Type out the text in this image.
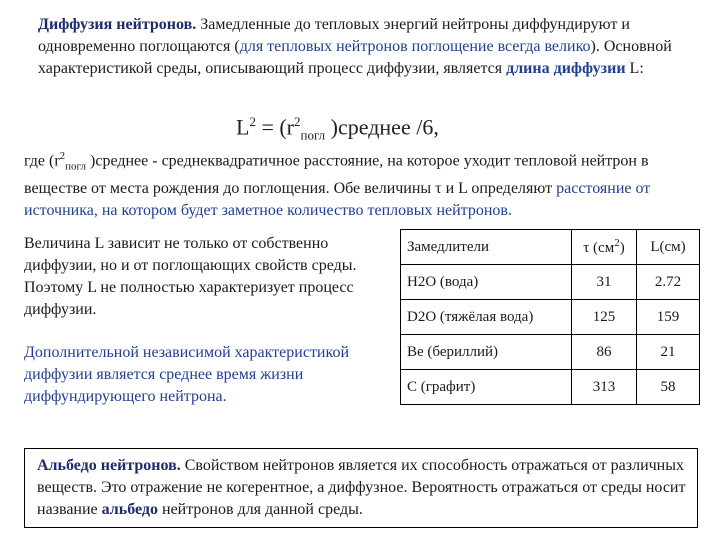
Диффузия нейтронов. Замедленные до тепловых энергий нейтроны диффундируют и одновременно поглощаются (для тепловых нейтронов поглощение всегда велико). Основной характеристикой среды, описывающий процесс диффузии, является длина диффузии L:
$L^2 = (r^2_{погл}$ )среднее /6,
где ($r^2_{погл}$ )среднее - среднеквадратичное расстояние, на которое уходит тепловой нейтрон в веществе от места рождения до поглощения. Обе величины τ и L определяют расстояние от источника, на котором будет заметное количество тепловых нейтронов.
Величина L зависит не только от собственно диффузии, но и от поглощающих свойств среды. Поэтому L не полностью характеризует процесс диффузии.
Дополнительной независимой характеристикой диффузии является среднее время жизни диффундирующего нейтрона.
Замедлители	τ $(см^2)$	L(см)
H2O (вода)	31	2.72
D2O (тяжёлая вода)	125	159
Be (бериллий)	86	21
C (графит)	313	58
Альбедо нейтронов. Свойством нейтронов является их способность отражаться от различных веществ. Это отражение не когерентное, а диффузное. Вероятность отражаться от среды носит название альбедо нейтронов для данной среды.
